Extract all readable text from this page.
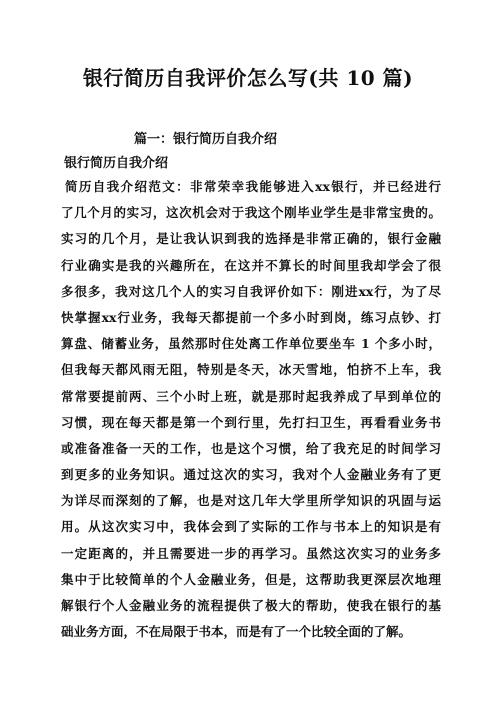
银行简历自我评价怎么写(共 10 篇)
篇一：银行简历自我介绍
银行简历自我介绍
简历自我介绍范文：非常荣幸我能够进入xx银行，并已经进行
了几个月的实习，这次机会对于我这个刚毕业学生是非常宝贵的。
实习的几个月，是让我认识到我的选择是非常正确的，银行金融
行业确实是我的兴趣所在，在这并不算长的时间里我却学会了很
多很多，我对这几个人的实习自我评价如下：刚进xx行，为了尽
快掌握xx行业务，我每天都提前一个多小时到岗，练习点钞、打
算盘、储蓄业务，虽然那时住处离工作单位要坐车 1 个多小时，
但我每天都风雨无阻，特别是冬天，冰天雪地，怕挤不上车，我
常常要提前两、三个小时上班，就是那时起我养成了早到单位的
习惯，现在每天都是第一个到行里，先打扫卫生，再看看业务书
或准备准备一天的工作，也是这个习惯，给了我充足的时间学习
到更多的业务知识。通过这次的实习，我对个人金融业务有了更
为详尽而深刻的了解，也是对这几年大学里所学知识的巩固与运
用。从这次实习中，我体会到了实际的工作与书本上的知识是有
一定距离的，并且需要进一步的再学习。虽然这次实习的业务多
集中于比较简单的个人金融业务，但是，这帮助我更深层次地理
解银行个人金融业务的流程提供了极大的帮助，使我在银行的基
础业务方面，不在局限于书本，而是有了一个比较全面的了解。
